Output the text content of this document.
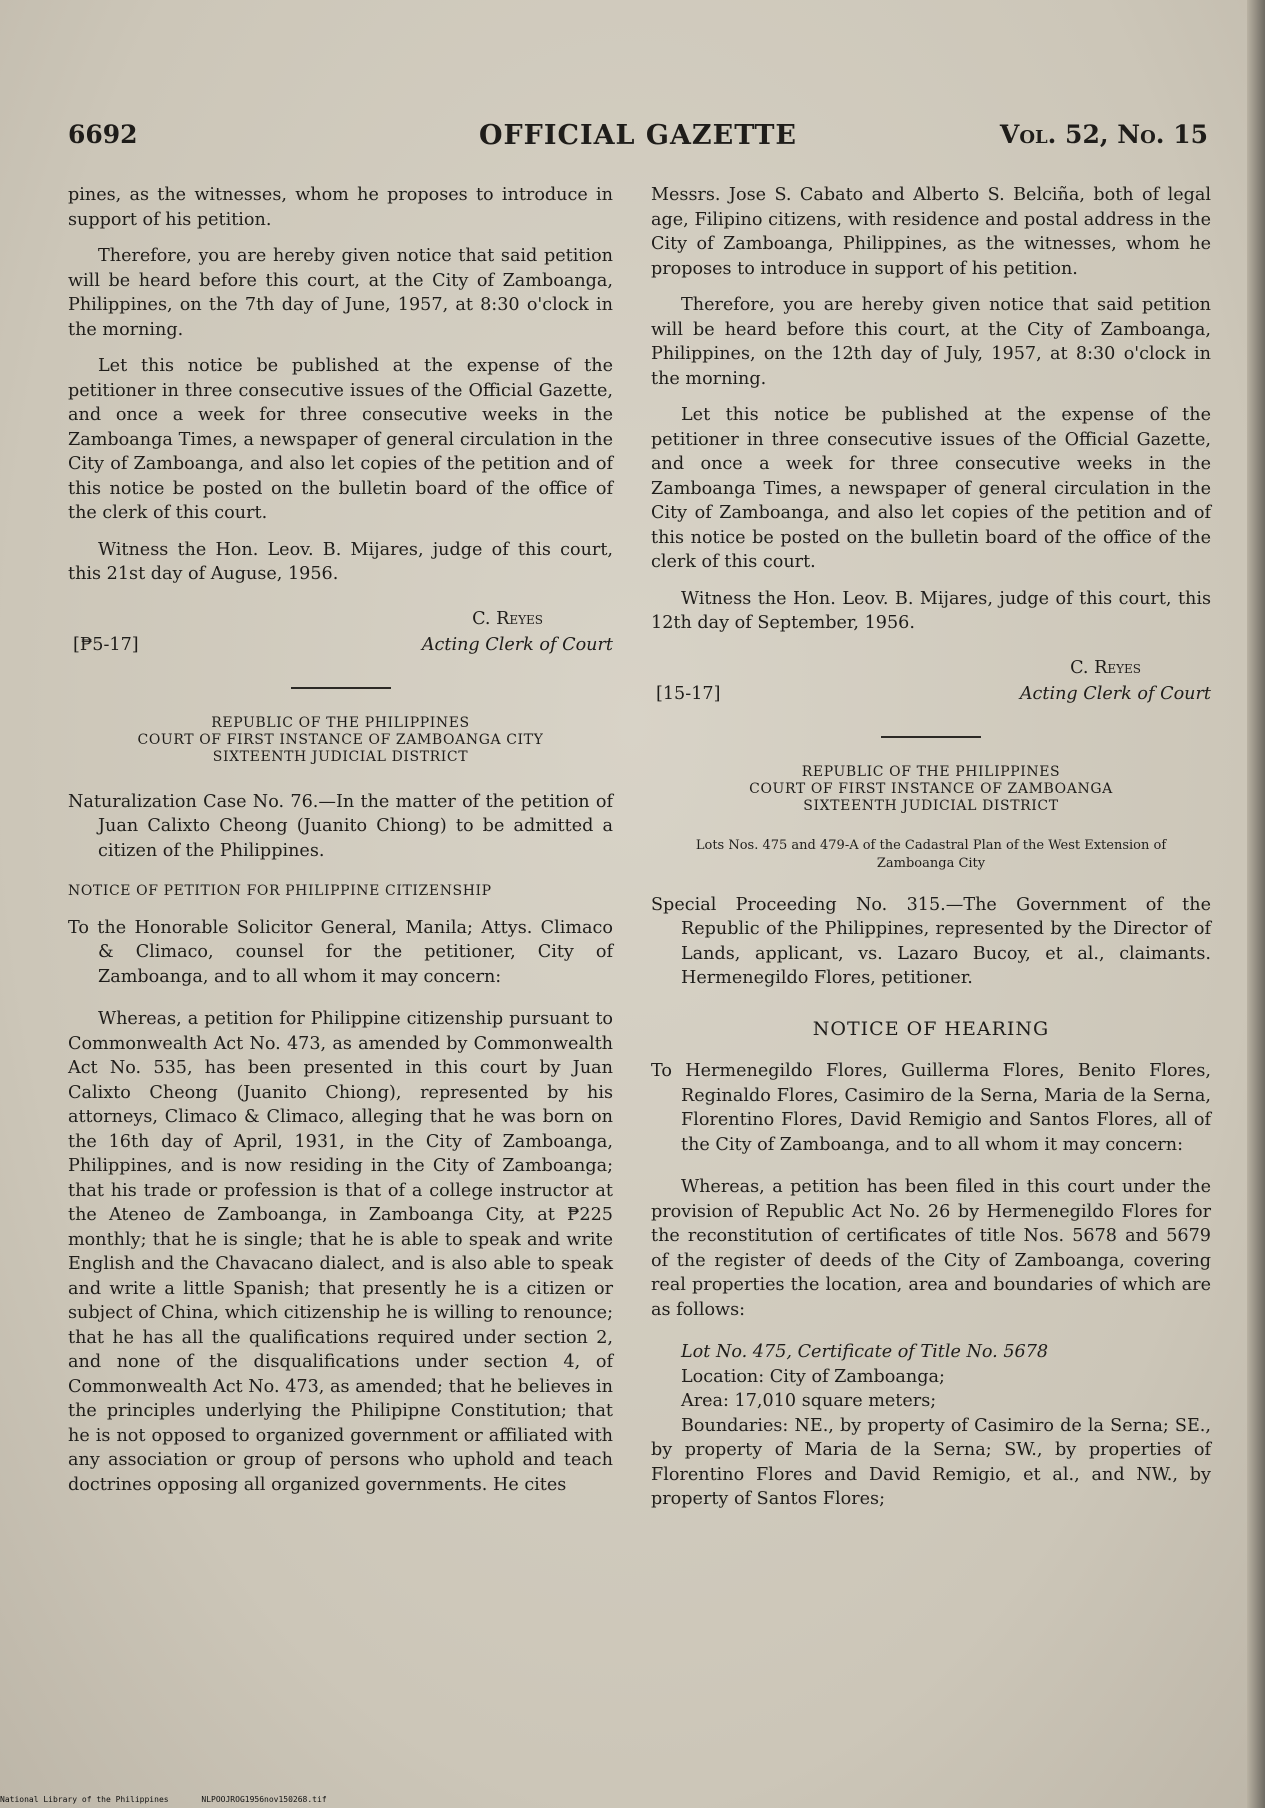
6692	OFFICIAL GAZETTE	Vol. 52, No. 15

pines, as the witnesses, whom he proposes to introduce in support of his petition.

Therefore, you are hereby given notice that said petition will be heard before this court, at the City of Zamboanga, Philippines, on the 7th day of June, 1957, at 8:30 o'clock in the morning.

Let this notice be published at the expense of the petitioner in three consecutive issues of the Official Gazette, and once a week for three consecutive weeks in the Zamboanga Times, a newspaper of general circulation in the City of Zamboanga, and also let copies of the petition and of this notice be posted on the bulletin board of the office of the clerk of this court.

Witness the Hon. Leov. B. Mijares, judge of this court, this 21st day of Auguse, 1956.

C. Reyes
[₱5-17]	Acting Clerk of Court
REPUBLIC OF THE PHILIPPINES
COURT OF FIRST INSTANCE OF ZAMBOANGA CITY
SIXTEENTH JUDICIAL DISTRICT

Naturalization Case No. 76.—In the matter of the petition of Juan Calixto Cheong (Juanito Chiong) to be admitted a citizen of the Philippines.

NOTICE OF PETITION FOR PHILIPPINE CITIZENSHIP

To the Honorable Solicitor General, Manila; Attys. Climaco & Climaco, counsel for the petitioner, City of Zamboanga, and to all whom it may concern:

Whereas, a petition for Philippine citizenship pursuant to Commonwealth Act No. 473, as amended by Commonwealth Act No. 535, has been presented in this court by Juan Calixto Cheong (Juanito Chiong), represented by his attorneys, Climaco & Climaco, alleging that he was born on the 16th day of April, 1931, in the City of Zamboanga, Philippines, and is now residing in the City of Zamboanga; that his trade or profession is that of a college instructor at the Ateneo de Zamboanga, in Zamboanga City, at ₱225 monthly; that he is single; that he is able to speak and write English and the Chavacano dialect, and is also able to speak and write a little Spanish; that presently he is a citizen or subject of China, which citizenship he is willing to renounce; that he has all the qualifications required under section 2, and none of the disqualifications under section 4, of Commonwealth Act No. 473, as amended; that he believes in the principles underlying the Philipipne Constitution; that he is not opposed to organized government or affiliated with any association or group of persons who uphold and teach doctrines opposing all organized governments. He cites

Messrs. Jose S. Cabato and Alberto S. Belciña, both of legal age, Filipino citizens, with residence and postal address in the City of Zamboanga, Philippines, as the witnesses, whom he proposes to introduce in support of his petition.

Therefore, you are hereby given notice that said petition will be heard before this court, at the City of Zamboanga, Philippines, on the 12th day of July, 1957, at 8:30 o'clock in the morning.

Let this notice be published at the expense of the petitioner in three consecutive issues of the Official Gazette, and once a week for three consecutive weeks in the Zamboanga Times, a newspaper of general circulation in the City of Zamboanga, and also let copies of the petition and of this notice be posted on the bulletin board of the office of the clerk of this court.

Witness the Hon. Leov. B. Mijares, judge of this court, this 12th day of September, 1956.

C. Reyes
[15-17]	Acting Clerk of Court
REPUBLIC OF THE PHILIPPINES
COURT OF FIRST INSTANCE OF ZAMBOANGA
SIXTEENTH JUDICIAL DISTRICT

Lots Nos. 475 and 479-A of the Cadastral Plan of the West Extension of Zamboanga City

Special Proceeding No. 315.—The Government of the Republic of the Philippines, represented by the Director of Lands, applicant, vs. Lazaro Bucoy, et al., claimants. Hermenegildo Flores, petitioner.

NOTICE OF HEARING

To Hermenegildo Flores, Guillerma Flores, Benito Flores, Reginaldo Flores, Casimiro de la Serna, Maria de la Serna, Florentino Flores, David Remigio and Santos Flores, all of the City of Zamboanga, and to all whom it may concern:

Whereas, a petition has been filed in this court under the provision of Republic Act No. 26 by Hermenegildo Flores for the reconstitution of certificates of title Nos. 5678 and 5679 of the register of deeds of the City of Zamboanga, covering real properties the location, area and boundaries of which are as follows:

Lot No. 475, Certificate of Title No. 5678

Location: City of Zamboanga;

Area: 17,010 square meters;

Boundaries: NE., by property of Casimiro de la Serna; SE., by property of Maria de la Serna; SW., by properties of Florentino Flores and David Remigio, et al., and NW., by property of Santos Flores;

National Library of the Philippines	NLPOOJROG1956nov150268.tif
